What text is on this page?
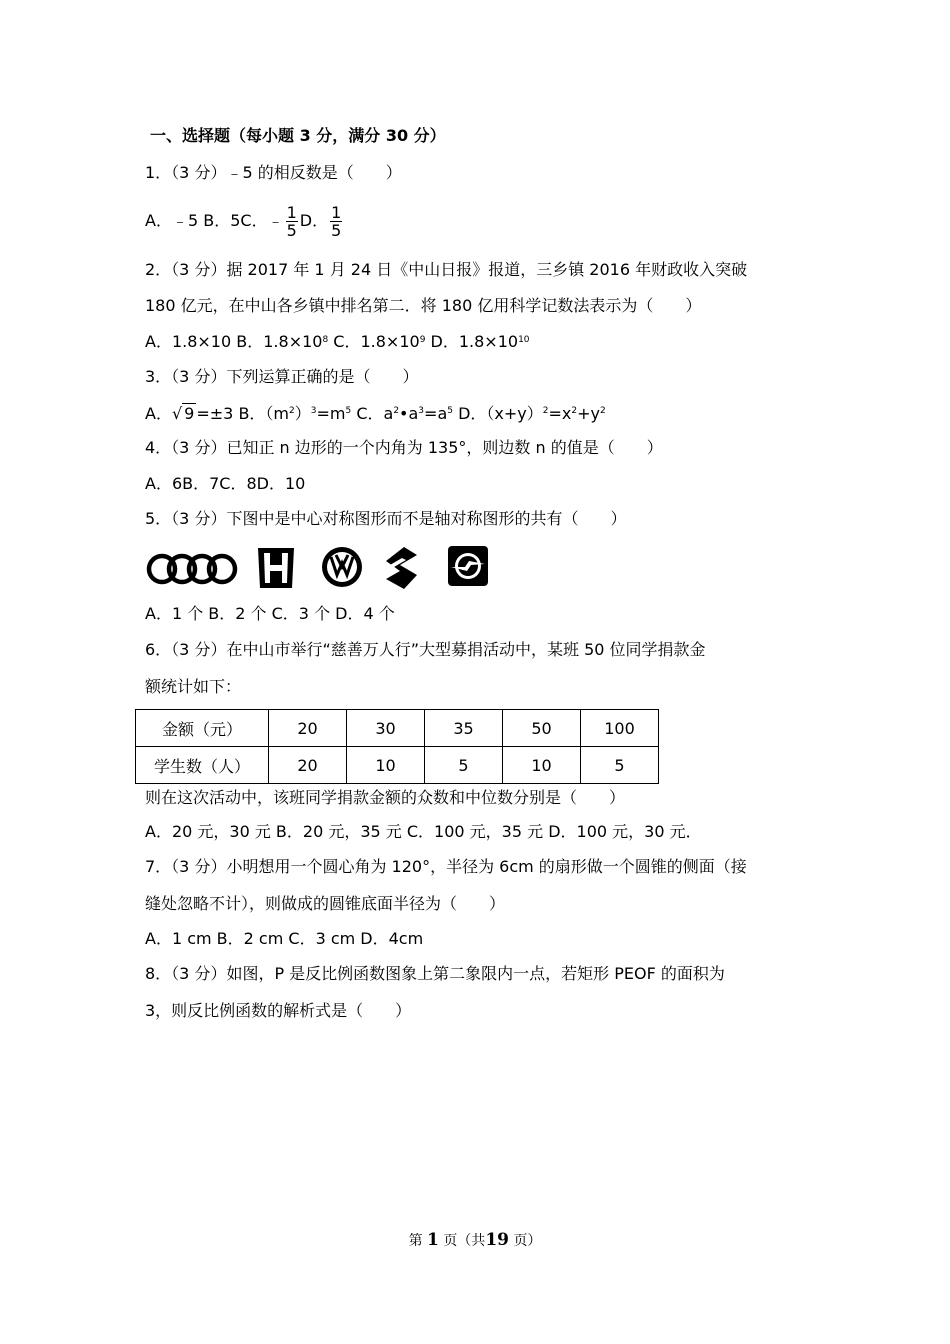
一、选择题（每小题 3 分，满分 30 分）
1．（3 分）﹣5 的相反数是（　　）
A．﹣5 B．5C．﹣ $\frac{1}{5}$ D． $\frac{1}{5}$
2．（3 分）据 2017 年 1 月 24 日《中山日报》报道，三乡镇 2016 年财政收入突破
180 亿元，在中山各乡镇中排名第二．将 180 亿用科学记数法表示为（　　）
A．1.8×10 B．$1.8\times 10^8$ C．$1.8\times 10^9$ D．$1.8\times 10^{10}$
3．（3 分）下列运算正确的是（　　）
A． √ 9 =±3 B．$(m^2)^3=m^5$ C．$a^2•a^3=a^5$ D．$(x+y)^2=x^2+y^2$
4．（3 分）已知正 n 边形的一个内角为 135°，则边数 n 的值是（　　）
A．6B．7C．8D．10
5．（3 分）下图中是中心对称图形而不是轴对称图形的共有（　　）
A．1 个 B．2 个 C．3 个 D．4 个
6．（3 分）在中山市举行“慈善万人行”大型募捐活动中，某班 50 位同学捐款金
额统计如下：
金额（元）	20	30	35	50	100
学生数（人）	20	10	5	10	5
则在这次活动中，该班同学捐款金额的众数和中位数分别是（　　）
A．20 元，30 元 B．20 元，35 元 C．100 元，35 元 D．100 元，30 元．
7．（3 分）小明想用一个圆心角为 120°，半径为 6cm 的扇形做一个圆锥的侧面（接
缝处忽略不计），则做成的圆锥底面半径为（　　）
A．1 cm B．2 cm C．3 cm D．4cm
8．（3 分）如图，P 是反比例函数图象上第二象限内一点，若矩形 PEOF 的面积为
3，则反比例函数的解析式是（　　）
第 1 页（共19 页）
